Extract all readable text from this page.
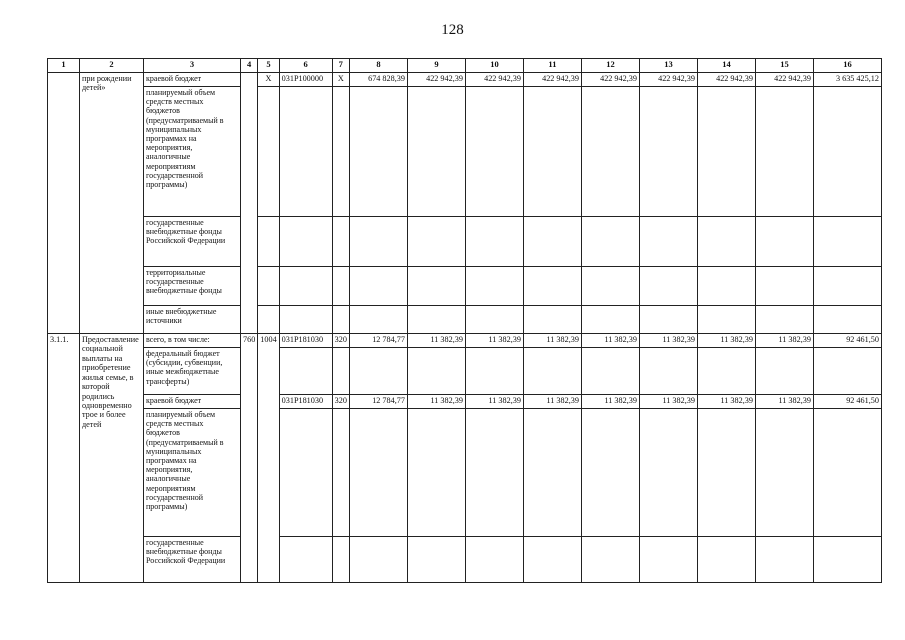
128
1	2	3	4	5	6	7	8	9	10	11	12	13	14	15	16
	при рождении детей»	краевой бюджет		Х	031P100000	Х	674 828,39	422 942,39	422 942,39	422 942,39	422 942,39	422 942,39	422 942,39	422 942,39	3 635 425,12
		планируемый объем средств местных бюджетов (предусматриваемый в муниципальных программах на мероприятия, аналогичные мероприятиям государственной программы)													
		государственные внебюджетные фонды Российской Федерации													
		территориальные государственные внебюджетные фонды													
		иные внебюджетные источники													
3.1.1.	Предоставление социальной выплаты на приобретение жилья семье, в которой родились одновременно трое и более детей	всего, в том числе:	760	1004	031P181030	320	12 784,77	11 382,39	11 382,39	11 382,39	11 382,39	11 382,39	11 382,39	11 382,39	92 461,50
		федеральный бюджет (субсидии, субвенции, иные межбюджетные трансферты)													
		краевой бюджет			031P181030	320	12 784,77	11 382,39	11 382,39	11 382,39	11 382,39	11 382,39	11 382,39	11 382,39	92 461,50
		планируемый объем средств местных бюджетов (предусматриваемый в муниципальных программах на мероприятия, аналогичные мероприятиям государственной программы)													
		государственные внебюджетные фонды Российской Федерации													
